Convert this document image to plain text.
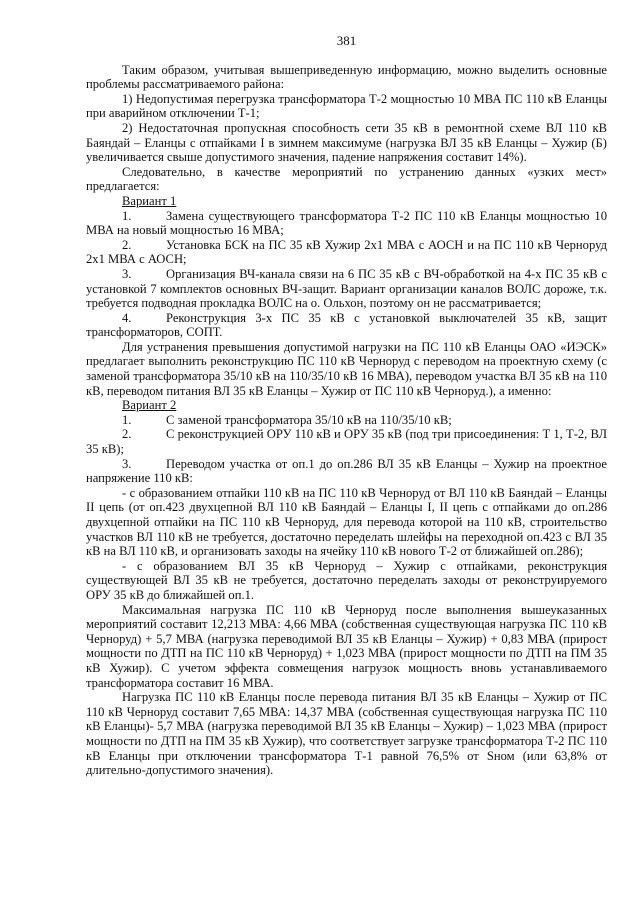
381

Таким образом, учитывая вышеприведенную информацию, можно выделить основные проблемы рассматриваемого района:

1) Недопустимая перегрузка трансформатора Т-2 мощностью 10 МВА ПС 110 кВ Еланцы при аварийном отключении Т-1;

2) Недостаточная пропускная способность сети 35 кВ в ремонтной схеме ВЛ 110 кВ Баяндай – Еланцы с отпайками I в зимнем максимуме (нагрузка ВЛ 35 кВ Еланцы – Хужир (Б) увеличивается свыше допустимого значения, падение напряжения составит 14%).

Следовательно, в качестве мероприятий по устранению данных «узких мест» предлагается:

Вариант 1

1.	Замена существующего трансформатора Т-2 ПС 110 кВ Еланцы мощностью 10 МВА на новый мощностью 16 МВА;

2.	Установка БСК на ПС 35 кВ Хужир 2х1 МВА с АОСН и на ПС 110 кВ Черноруд 2х1 МВА с АОСН;

3.	Организация ВЧ-канала связи на 6 ПС 35 кВ с ВЧ-обработкой на 4-х ПС 35 кВ с установкой 7 комплектов основных ВЧ-защит. Вариант организации каналов ВОЛС дороже, т.к. требуется подводная прокладка ВОЛС на о. Ольхон, поэтому он не рассматривается;

4.	Реконструкция 3-х ПС 35 кВ с установкой выключателей 35 кВ, защит трансформаторов, СОПТ.

Для устранения превышения допустимой нагрузки на ПС 110 кВ Еланцы ОАО «ИЭСК» предлагает выполнить реконструкцию ПС 110 кВ Черноруд с переводом на проектную схему (с заменой трансформатора 35/10 кВ на 110/35/10 кВ 16 МВА), переводом участка ВЛ 35 кВ на 110 кВ, переводом питания ВЛ 35 кВ Еланцы – Хужир от ПС 110 кВ Черноруд.), а именно:

Вариант 2

1.	С заменой трансформатора 35/10 кВ на 110/35/10 кВ;

2.	С реконструкцией ОРУ 110 кВ и ОРУ 35 кВ (под три присоединения: Т 1, Т-2, ВЛ 35 кВ);

3.	Переводом участка от оп.1 до оп.286 ВЛ 35 кВ Еланцы – Хужир на проектное напряжение 110 кВ:

- с образованием отпайки 110 кВ на ПС 110 кВ Черноруд от ВЛ 110 кВ Баяндай – Еланцы II цепь (от оп.423 двухцепной ВЛ 110 кВ Баяндай – Еланцы I, II цепь с отпайками до оп.286 двухцепной отпайки на ПС 110 кВ Черноруд, для перевода которой на 110 кВ, строительство участков ВЛ 110 кВ не требуется, достаточно переделать шлейфы на переходной оп.423 с ВЛ 35 кВ на ВЛ 110 кВ, и организовать заходы на ячейку 110 кВ нового Т-2 от ближайшей оп.286);

- с образованием ВЛ 35 кВ Черноруд – Хужир с отпайками, реконструкция существующей ВЛ 35 кВ не требуется, достаточно переделать заходы от реконструируемого ОРУ 35 кВ до ближайшей оп.1.

Максимальная нагрузка ПС 110 кВ Черноруд после выполнения вышеуказанных мероприятий составит 12,213 МВА: 4,66 МВА (собственная существующая нагрузка ПС 110 кВ Черноруд) + 5,7 МВА (нагрузка переводимой ВЛ 35 кВ Еланцы – Хужир) + 0,83 МВА (прирост мощности по ДТП на ПС 110 кВ Черноруд) + 1,023 МВА (прирост мощности по ДТП на ПМ 35 кВ Хужир). С учетом эффекта совмещения нагрузок мощность вновь устанавливаемого трансформатора составит 16 МВА.

Нагрузка ПС 110 кВ Еланцы после перевода питания ВЛ 35 кВ Еланцы – Хужир от ПС 110 кВ Черноруд составит 7,65 МВА: 14,37 МВА (собственная существующая нагрузка ПС 110 кВ Еланцы)- 5,7 МВА (нагрузка переводимой ВЛ 35 кВ Еланцы – Хужир) – 1,023 МВА (прирост мощности по ДТП на ПМ 35 кВ Хужир), что соответствует загрузке трансформатора Т-2 ПС 110 кВ Еланцы при отключении трансформатора Т-1 равной 76,5% от Sном (или 63,8% от длительно-допустимого значения).
